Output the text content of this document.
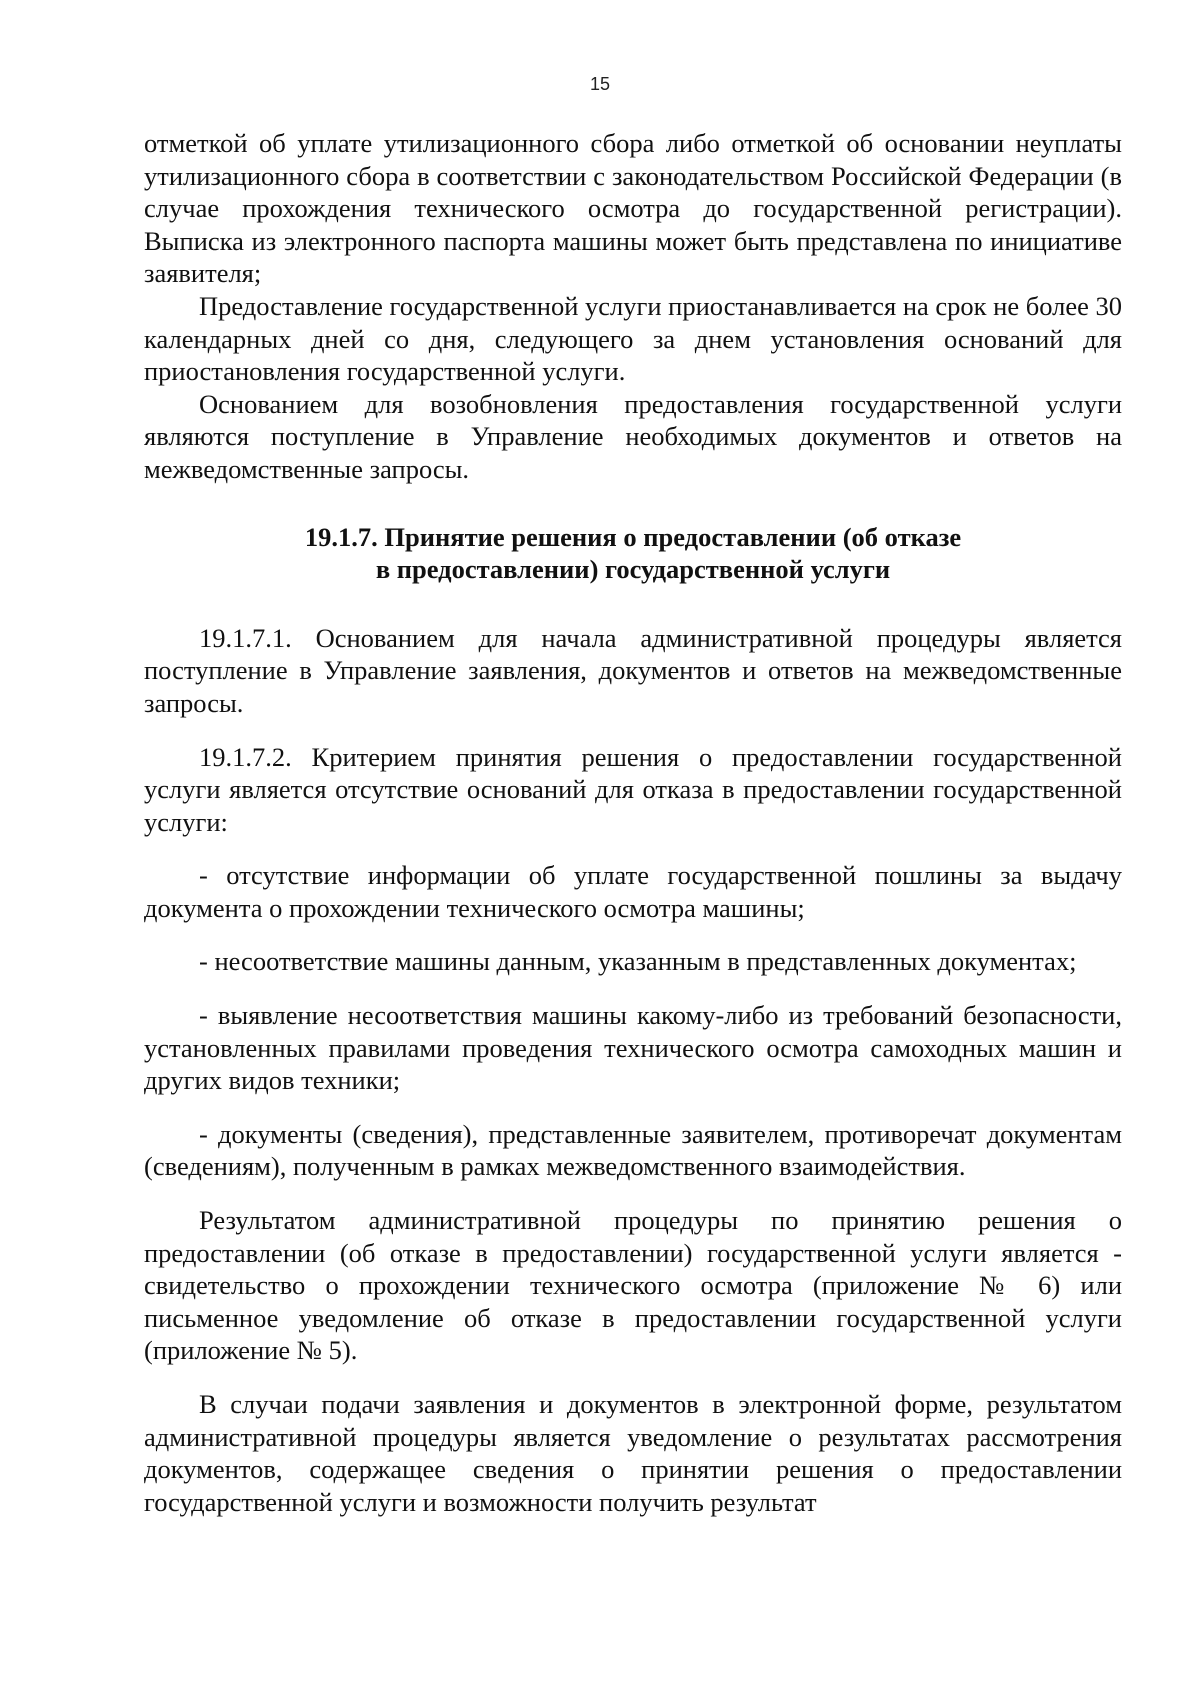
15

отметкой об уплате утилизационного сбора либо отметкой об основании неуплаты утилизационного сбора в соответствии с законодательством Российской Федерации (в случае прохождения технического осмотра до государственной регистрации). Выписка из электронного паспорта машины может быть представлена по инициативе заявителя;

Предоставление государственной услуги приостанавливается на срок не более 30 календарных дней со дня, следующего за днем установления оснований для приостановления государственной услуги.

Основанием для возобновления предоставления государственной услуги являются поступление в Управление необходимых документов и ответов на межведомственные запросы.

19.1.7. Принятие решения о предоставлении (об отказе
в предоставлении) государственной услуги

19.1.7.1. Основанием для начала административной процедуры является поступление в Управление заявления, документов и ответов на межведомственные запросы.

19.1.7.2. Критерием принятия решения о предоставлении государственной услуги является отсутствие оснований для отказа в предоставлении государственной услуги:

- отсутствие информации об уплате государственной пошлины за выдачу документа о прохождении технического осмотра машины;

- несоответствие машины данным, указанным в представленных документах;

- выявление несоответствия машины какому-либо из требований безопасности, установленных правилами проведения технического осмотра самоходных машин и других видов техники;

- документы (сведения), представленные заявителем, противоречат документам (сведениям), полученным в рамках межведомственного взаимодействия.

Результатом административной процедуры по принятию решения о предоставлении (об отказе в предоставлении) государственной услуги является - свидетельство о прохождении технического осмотра (приложение № 6) или письменное уведомление об отказе в предоставлении государственной услуги (приложение № 5).

В случаи подачи заявления и документов в электронной форме, результатом административной процедуры является уведомление о результатах рассмотрения документов, содержащее сведения о принятии решения о предоставлении государственной услуги и возможности получить результат
